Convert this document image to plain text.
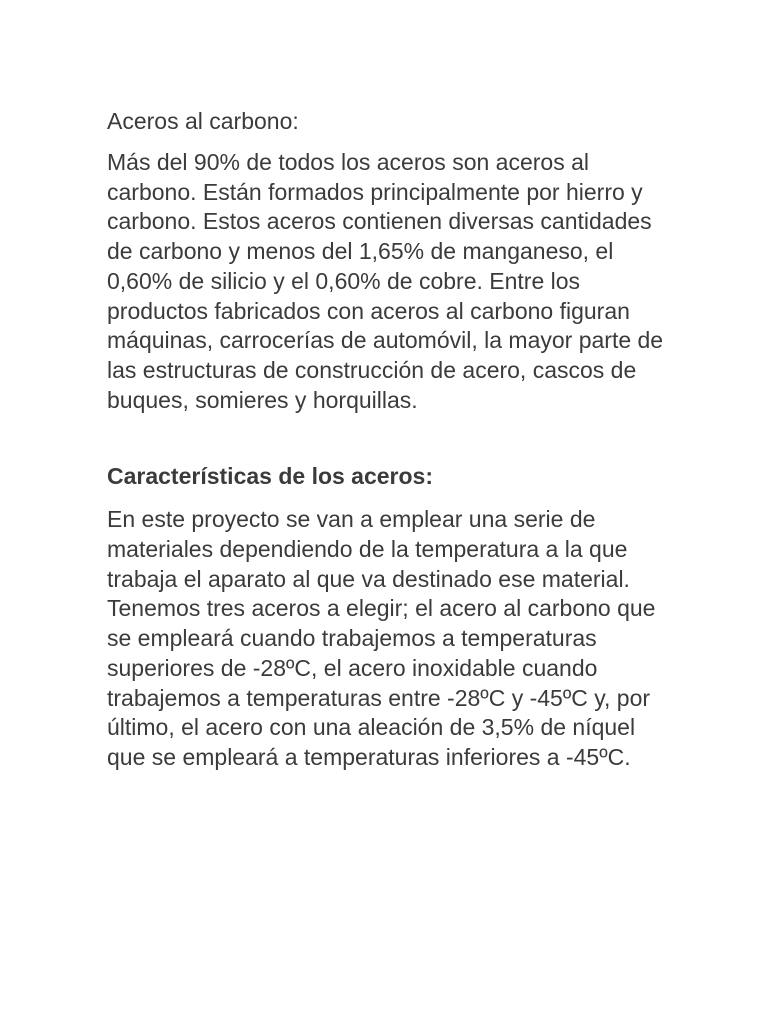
Aceros al carbono:

Más del 90% de todos los aceros son aceros al carbono. Están formados principalmente por hierro y carbono. Estos aceros contienen diversas cantidades de carbono y menos del 1,65% de manganeso, el 0,60% de silicio y el 0,60% de cobre. Entre los productos fabricados con aceros al carbono figuran máquinas, carrocerías de automóvil, la mayor parte de las estructuras de construcción de acero, cascos de buques, somieres y horquillas.

Características de los aceros:

En este proyecto se van a emplear una serie de materiales dependiendo de la temperatura a la que trabaja el aparato al que va destinado ese material. Tenemos tres aceros a elegir; el acero al carbono que se empleará cuando trabajemos a temperaturas superiores de -28ºC, el acero inoxidable cuando trabajemos a temperaturas entre -28ºC y -45ºC y, por último, el acero con una aleación de 3,5% de níquel que se empleará a temperaturas inferiores a -45ºC.
